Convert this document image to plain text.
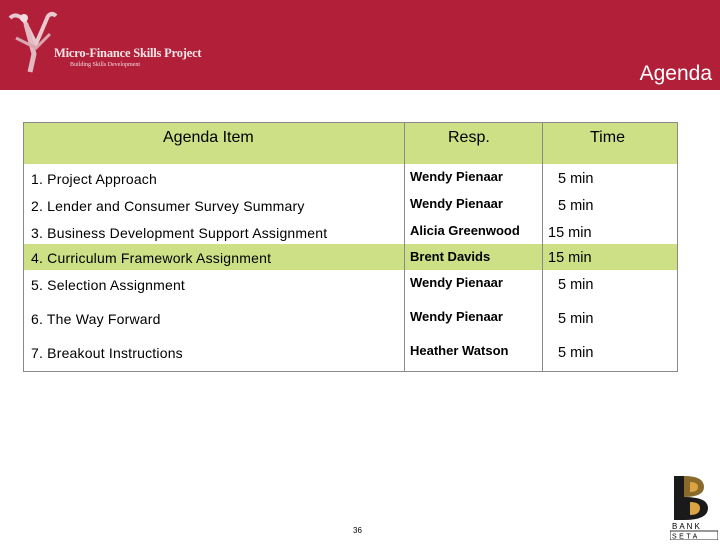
Micro-Finance Skills Project
Building Skills Development	Agenda
Agenda Item	Resp.	Time
1. Project Approach	Wendy Pienaar	5 min
2. Lender and Consumer Survey Summary	Wendy Pienaar	5 min
3. Business Development Support Assignment	Alicia Greenwood 15 min
4. Curriculum Framework Assignment	Brent Davids	15 min
5. Selection Assignment	Wendy Pienaar	5 min
6. The Way Forward	Wendy Pienaar	5 min
7. Breakout Instructions	Heather Watson	5 min
36	BANK
SETA
